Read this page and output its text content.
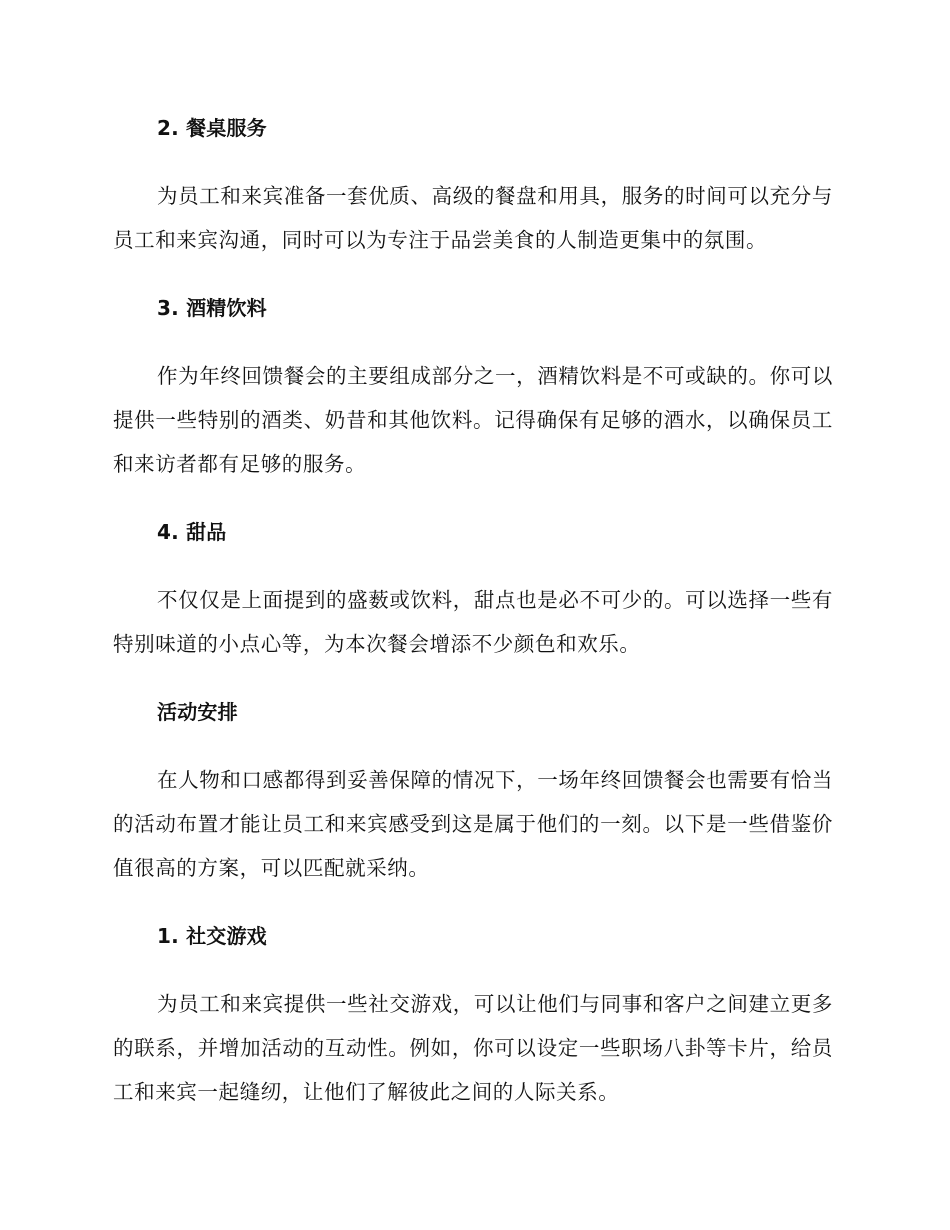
2. 餐桌服务

为员工和来宾准备一套优质、高级的餐盘和用具，服务的时间可以充分与员工和来宾沟通，同时可以为专注于品尝美食的人制造更集中的氛围。

3. 酒精饮料

作为年终回馈餐会的主要组成部分之一，酒精饮料是不可或缺的。你可以提供一些特别的酒类、奶昔和其他饮料。记得确保有足够的酒水，以确保员工和来访者都有足够的服务。

4. 甜品

不仅仅是上面提到的盛薮或饮料，甜点也是必不可少的。可以选择一些有特别味道的小点心等，为本次餐会增添不少颜色和欢乐。

活动安排

在人物和口感都得到妥善保障的情况下，一场年终回馈餐会也需要有恰当的活动布置才能让员工和来宾感受到这是属于他们的一刻。以下是一些借鉴价值很高的方案，可以匹配就采纳。

1. 社交游戏

为员工和来宾提供一些社交游戏，可以让他们与同事和客户之间建立更多的联系，并增加活动的互动性。例如，你可以设定一些职场八卦等卡片，给员工和来宾一起缝纫，让他们了解彼此之间的人际关系。
